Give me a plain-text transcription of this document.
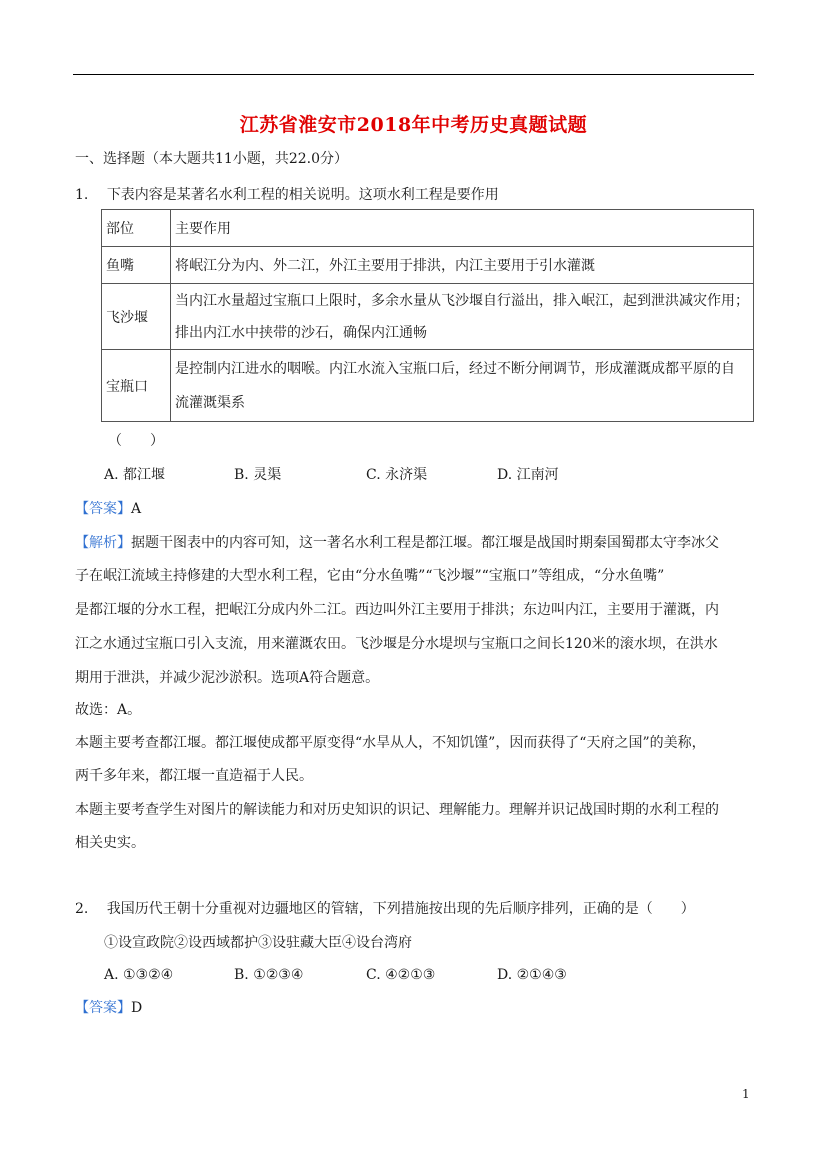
江苏省淮安市2018年中考历史真题试题
一、选择题（本大题共11小题，共22.0分）
1. 下表内容是某著名水利工程的相关说明。这项水利工程是要作用
部位	主要作用
鱼嘴	将岷江分为内、外二江，外江主要用于排洪，内江主要用于引水灌溉
飞沙堰	当内江水量超过宝瓶口上限时，多余水量从飞沙堰自行溢出，排入岷江，起到泄洪减灾作用；
排出内江水中挟带的沙石，确保内江通畅

宝瓶口	是控制内江进水的咽喉。内江水流入宝瓶口后，经过不断分闸调节，形成灌溉成都平原的自
流灌溉渠系
（　　）
A. 都江堰	B. 灵渠	C. 永济渠	D. 江南河
【答案】A
【解析】据题干图表中的内容可知，这一著名水利工程是都江堰。都江堰是战国时期秦国蜀郡太守李冰父
子在岷江流域主持修建的大型水利工程，它由“分水鱼嘴”“飞沙堰”“宝瓶口”等组成，“分水鱼嘴”
是都江堰的分水工程，把岷江分成内外二江。西边叫外江主要用于排洪；东边叫内江，主要用于灌溉，内
江之水通过宝瓶口引入支流，用来灌溉农田。飞沙堰是分水堤坝与宝瓶口之间长120米的滚水坝，在洪水
期用于泄洪，并减少泥沙淤积。选项A符合题意。
故选：A。
本题主要考查都江堰。都江堰使成都平原变得“水旱从人，不知饥馑”，因而获得了“天府之国”的美称，
两千多年来，都江堰一直造福于人民。
本题主要考查学生对图片的解读能力和对历史知识的识记、理解能力。理解并识记战国时期的水利工程的
相关史实。
2. 我国历代王朝十分重视对边疆地区的管辖，下列措施按出现的先后顺序排列，正确的是（　　）
①设宣政院②设西域都护③设驻藏大臣④设台湾府
A. ①③②④	B. ①②③④	C. ④②①③	D. ②①④③
【答案】D
1
